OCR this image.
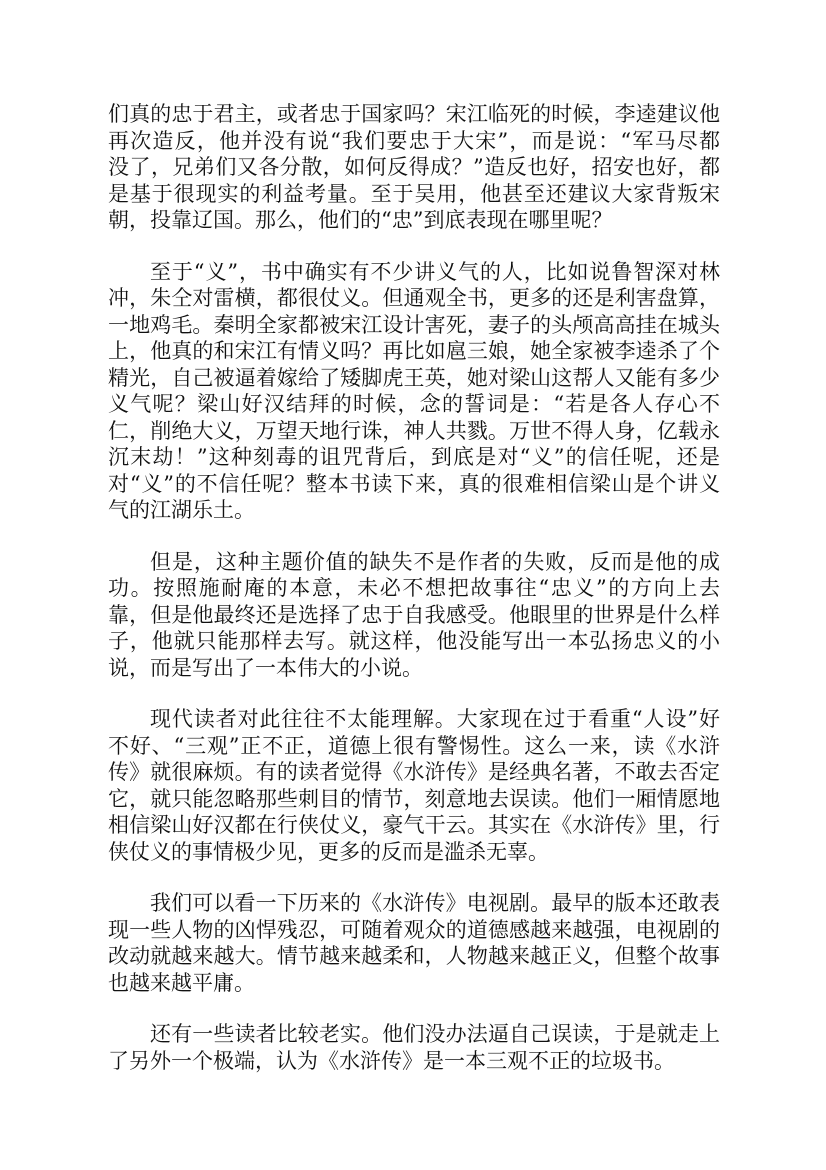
们真的忠于君主，或者忠于国家吗？宋江临死的时候，李逵建议他
再次造反，他并没有说“我们要忠于大宋”，而是说：“军马尽都
没了，兄弟们又各分散，如何反得成？”造反也好，招安也好，都
是基于很现实的利益考量。至于吴用，他甚至还建议大家背叛宋
朝，投靠辽国。那么，他们的“忠”到底表现在哪里呢？
至于“义”，书中确实有不少讲义气的人，比如说鲁智深对林
冲，朱仝对雷横，都很仗义。但通观全书，更多的还是利害盘算，
一地鸡毛。秦明全家都被宋江设计害死，妻子的头颅高高挂在城头
上，他真的和宋江有情义吗？再比如扈三娘，她全家被李逵杀了个
精光，自己被逼着嫁给了矮脚虎王英，她对梁山这帮人又能有多少
义气呢？梁山好汉结拜的时候，念的誓词是：“若是各人存心不
仁，削绝大义，万望天地行诛，神人共戮。万世不得人身，亿载永
沉末劫！”这种刻毒的诅咒背后，到底是对“义”的信任呢，还是
对“义”的不信任呢？整本书读下来，真的很难相信梁山是个讲义
气的江湖乐土。
但是，这种主题价值的缺失不是作者的失败，反而是他的成
功。按照施耐庵的本意，未必不想把故事往“忠义”的方向上去
靠，但是他最终还是选择了忠于自我感受。他眼里的世界是什么样
子，他就只能那样去写。就这样，他没能写出一本弘扬忠义的小
说，而是写出了一本伟大的小说。
现代读者对此往往不太能理解。大家现在过于看重“人设”好
不好、“三观”正不正，道德上很有警惕性。这么一来，读《水浒
传》就很麻烦。有的读者觉得《水浒传》是经典名著，不敢去否定
它，就只能忽略那些刺目的情节，刻意地去误读。他们一厢情愿地
相信梁山好汉都在行侠仗义，豪气干云。其实在《水浒传》里，行
侠仗义的事情极少见，更多的反而是滥杀无辜。
我们可以看一下历来的《水浒传》电视剧。最早的版本还敢表
现一些人物的凶悍残忍，可随着观众的道德感越来越强，电视剧的
改动就越来越大。情节越来越柔和，人物越来越正义，但整个故事
也越来越平庸。
还有一些读者比较老实。他们没办法逼自己误读，于是就走上
了另外一个极端，认为《水浒传》是一本三观不正的垃圾书。
